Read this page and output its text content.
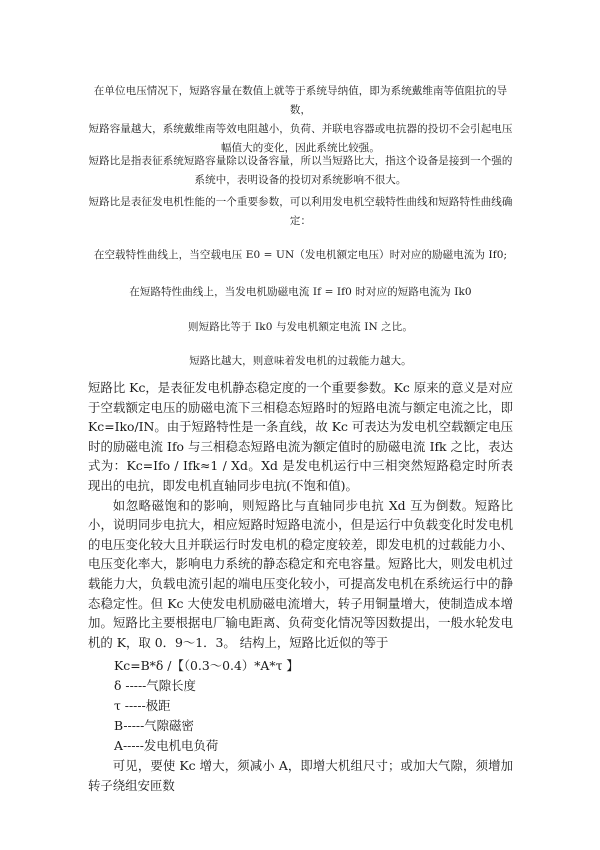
在单位电压情况下，短路容量在数值上就等于系统导纳值，即为系统戴维南等值阻抗的导数，
短路容量越大，系统戴维南等效电阻越小，负荷、并联电容器或电抗器的投切不会引起电压幅值大的变化，因此系统比较强。
短路比是指表征系统短路容量除以设备容量，所以当短路比大，指这个设备是接到一个强的系统中，表明设备的投切对系统影响不很大。
短路比是表征发电机性能的一个重要参数，可以利用发电机空载特性曲线和短路特性曲线确定：
在空载特性曲线上，当空载电压 E0 = UN（发电机额定电压）时对应的励磁电流为 If0;
在短路特性曲线上，当发电机励磁电流 If = If0 时对应的短路电流为 Ik0
则短路比等于 Ik0 与发电机额定电流 IN 之比。
短路比越大，则意味着发电机的过载能力越大。

短路比 Kc，是表征发电机静态稳定度的一个重要参数。Kc 原来的意义是对应于空载额定电压的励磁电流下三相稳态短路时的短路电流与额定电流之比，即 Kc=Iko/IN。由于短路特性是一条直线，故 Kc 可表达为发电机空载额定电压时的励磁电流 Ifo 与三相稳态短路电流为额定值时的励磁电流 Ifk 之比，表达式为：Kc=Ifo / Ifk≈1 / Xd。Xd 是发电机运行中三相突然短路稳定时所表现出的电抗，即发电机直轴同步电抗(不饱和值)。

如忽略磁饱和的影响，则短路比与直轴同步电抗 Xd 互为倒数。短路比小，说明同步电抗大，相应短路时短路电流小，但是运行中负载变化时发电机的电压变化较大且并联运行时发电机的稳定度较差，即发电机的过载能力小、电压变化率大，影响电力系统的静态稳定和充电容量。短路比大，则发电机过载能力大，负载电流引起的端电压变化较小，可提高发电机在系统运行中的静态稳定性。但 Kc 大使发电机励磁电流增大，转子用铜量增大，使制造成本增加。短路比主要根据电厂输电距离、负荷变化情况等因数提出，一般水轮发电机的 K，取 0．9～1．3。 结构上，短路比近似的等于

Kc=B*δ /【（0.3～0.4）*A*τ 】
δ -----气隙长度
τ -----极距
B-----气隙磁密
A-----发电机电负荷

可见，要使 Kc 增大，须减小 A，即增大机组尺寸；或加大气隙，须增加转子绕组安匝数
